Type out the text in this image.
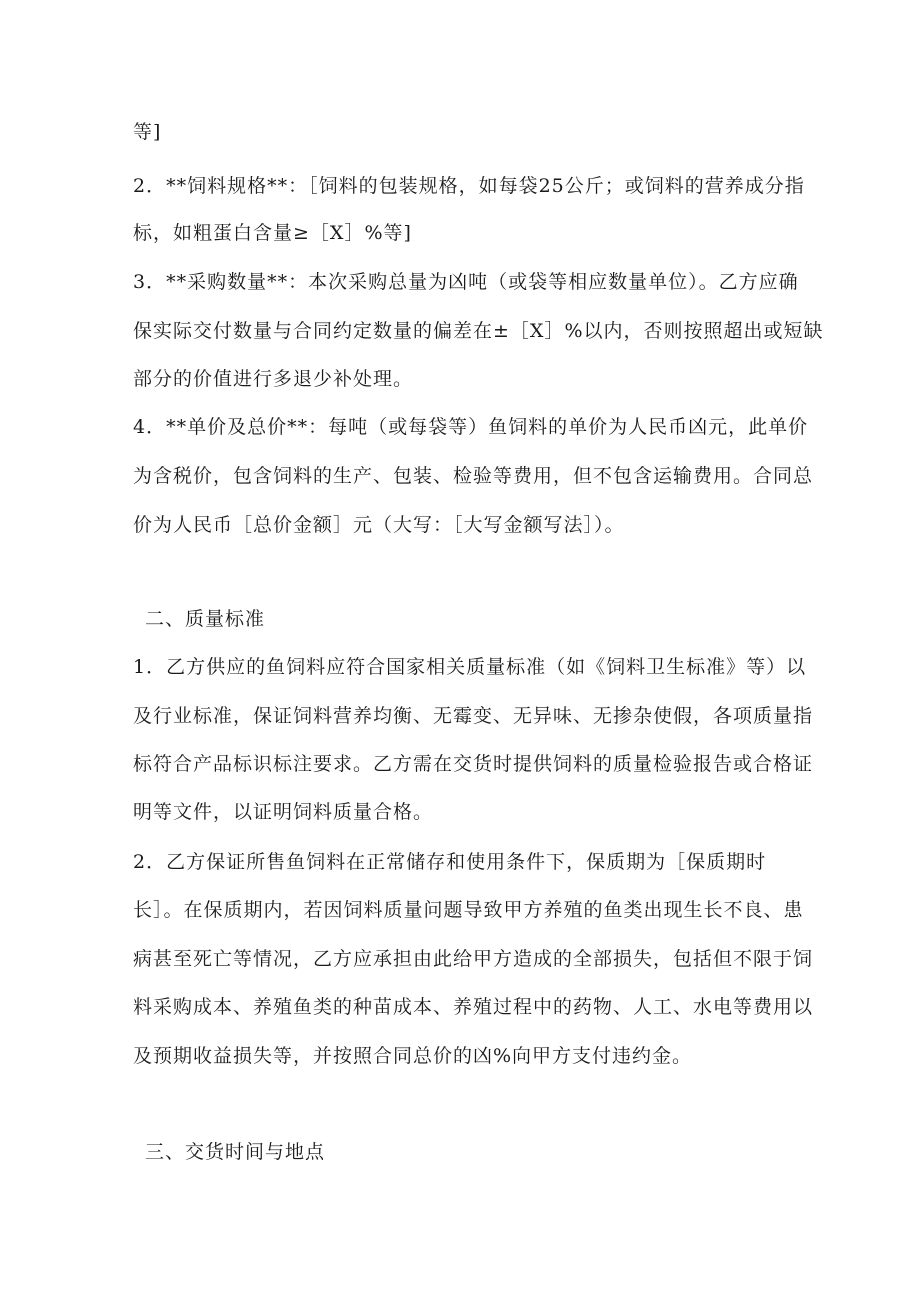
等]
2．**饲料规格**：［饲料的包装规格，如每袋25公斤；或饲料的营养成分指
标，如粗蛋白含量≥［X］%等]
3．**采购数量**：本次采购总量为凶吨（或袋等相应数量单位）。乙方应确
保实际交付数量与合同约定数量的偏差在±［X］%以内，否则按照超出或短缺
部分的价值进行多退少补处理。
4．**单价及总价**：每吨（或每袋等）鱼饲料的单价为人民币凶元，此单价
为含税价，包含饲料的生产、包装、检验等费用，但不包含运输费用。合同总
价为人民币［总价金额］元（大写：［大写金额写法］）。
二、质量标准
1．乙方供应的鱼饲料应符合国家相关质量标准（如《饲料卫生标准》等）以
及行业标准，保证饲料营养均衡、无霉变、无异味、无掺杂使假，各项质量指
标符合产品标识标注要求。乙方需在交货时提供饲料的质量检验报告或合格证
明等文件，以证明饲料质量合格。
2．乙方保证所售鱼饲料在正常储存和使用条件下，保质期为［保质期时
长］。在保质期内，若因饲料质量问题导致甲方养殖的鱼类出现生长不良、患
病甚至死亡等情况，乙方应承担由此给甲方造成的全部损失，包括但不限于饲
料采购成本、养殖鱼类的种苗成本、养殖过程中的药物、人工、水电等费用以
及预期收益损失等，并按照合同总价的凶%向甲方支付违约金。
三、交货时间与地点
